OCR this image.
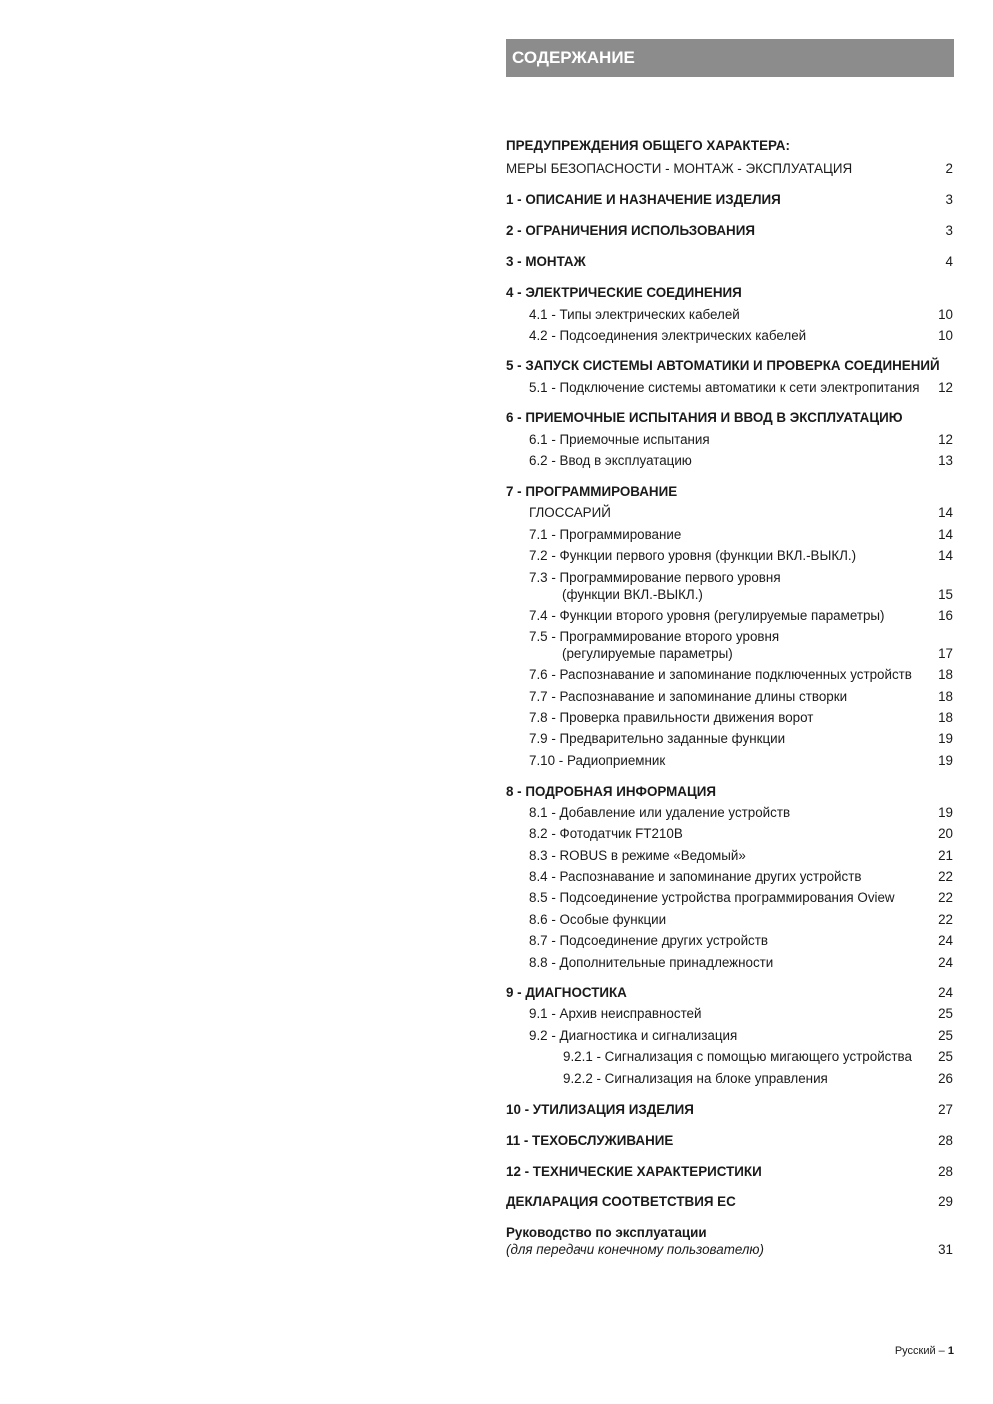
СОДЕРЖАНИЕ
ПРЕДУПРЕЖДЕНИЯ ОБЩЕГО ХАРАКТЕРА:
МЕРЫ БЕЗОПАСНОСТИ - МОНТАЖ - ЭКСПЛУАТАЦИЯ	2
1 - ОПИСАНИЕ И НАЗНАЧЕНИЕ ИЗДЕЛИЯ	3
2 - ОГРАНИЧЕНИЯ ИСПОЛЬЗОВАНИЯ	3
3 - МОНТАЖ	4
4 - ЭЛЕКТРИЧЕСКИЕ СОЕДИНЕНИЯ
4.1 - Типы электрических кабелей	10
4.2 - Подсоединения электрических кабелей	10
5 - ЗАПУСК СИСТЕМЫ АВТОМАТИКИ И ПРОВЕРКА СОЕДИНЕНИЙ
5.1 - Подключение системы автоматики к сети электропитания 12
6 - ПРИЕМОЧНЫЕ ИСПЫТАНИЯ И ВВОД В ЭКСПЛУАТАЦИЮ
6.1 - Приемочные испытания	12
6.2 - Ввод в эксплуатацию	13
7 - ПРОГРАММИРОВАНИЕ
ГЛОССАРИЙ	14
7.1 - Программирование	14
7.2 - Функции первого уровня (функции ВКЛ.-ВЫКЛ.)	14
7.3 - Программирование первого уровня
(функции ВКЛ.-ВЫКЛ.)	15
7.4 - Функции второго уровня (регулируемые параметры)	16
7.5 - Программирование второго уровня
(регулируемые параметры)	17
7.6 - Распознавание и запоминание подключенных устройств 18
7.7 - Распознавание и запоминание длины створки	18
7.8 - Проверка правильности движения ворот	18
7.9 - Предварительно заданные функции	19
7.10 - Радиоприемник	19
8 - ПОДРОБНАЯ ИНФОРМАЦИЯ
8.1 - Добавление или удаление устройств	19
8.2 - Фотодатчик FT210B	20
8.3 - ROBUS в режиме «Ведомый»	21
8.4 - Распознавание и запоминание других устройств	22
8.5 - Подсоединение устройства программирования Oview	22
8.6 - Особые функции	22
8.7 - Подсоединение других устройств	24
8.8 - Дополнительные принадлежности	24
9 - ДИАГНОСТИКА	24
9.1 - Архив неисправностей	25
9.2 - Диагностика и сигнализация	25
9.2.1 - Сигнализация с помощью мигающего устройства 25
9.2.2 - Сигнализация на блоке управления	26
10 - УТИЛИЗАЦИЯ ИЗДЕЛИЯ	27
11 - ТЕХОБСЛУЖИВАНИЕ	28
12 - ТЕХНИЧЕСКИЕ ХАРАКТЕРИСТИКИ	28
ДЕКЛАРАЦИЯ СООТВЕТСТВИЯ ЕС	29
Руководство по эксплуатации
(для передачи конечному пользователю)	31
Русский – 1
